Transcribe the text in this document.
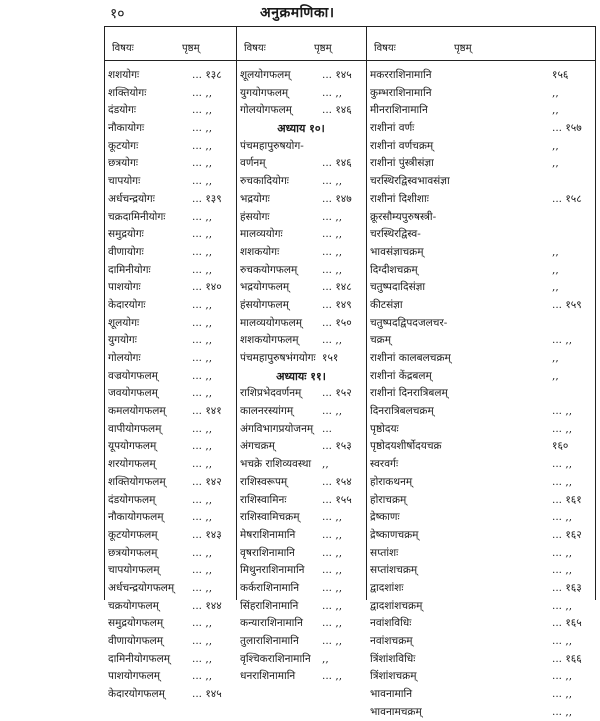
१०	अनुक्रमणिका।
विषयः	पृष्ठम्
शशयोगः	... १३८
शक्तियोगः	... ,,
दंडयोगः	... ,,
नौकायोगः	... ,,
कूटयोगः	... ,,
छत्रयोगः	... ,,
चापयोगः	... ,,
अर्धचन्द्रयोगः	... १३९
चक्रदामिनीयोगः	... ,,
समुद्रयोगः	... ,,
वीणायोगः	... ,,
दामिनीयोगः	... ,,
पाशयोगः	... १४०
केदारयोगः	... ,,
शूलयोगः	... ,,
युगयोगः	... ,,
गोलयोगः	... ,,
वज्रयोगफलम्	... ,,
जवयोगफलम्	... ,,
कमलयोगफलम्	... १४१
वापीयोगफलम्	... ,,
यूपयोगफलम्	... ,,
शरयोगफलम्	... ,,
शक्तियोगफलम्	... १४२
दंडयोगफलम्	... ,,
नौकायोगफलम्	... ,,
कूटयोगफलम्	... १४३
छत्रयोगफलम्	... ,,
चापयोगफलम्	... ,,
अर्धचन्द्रयोगफलम् ... ,,
चक्रयोगफलम्	... १४४
समुद्रयोगफलम्	... ,,
वीणायोगफलम्	... ,,
दामिनीयोगफलम् ... ,,
पाशयोगफलम्	... ,,
केदारयोगफलम्	... १४५
विषयः	पृष्ठम्
शूलयोगफलम्	... १४५
युगयोगफलम्	... ,,
गोलयोगफलम्	... १४६
अध्याय १०।
पंचमहापुरुषयोग-
वर्णनम्	... १४६
रुचकादियोगः	... ,,
भद्रयोगः	... १४७
हंसयोगः	... ,,
मालव्ययोगः	... ,,
शशकयोगः	... ,,
रुचकयोगफलम् ... ,,
भद्रयोगफलम्	... १४८
हंसयोगफलम्	... १४९
मालव्ययोगफलम् ... १५०
शशकयोगफलम् ... ,,
पंचमहापुरुषभंगयोगः १५१
अध्यायः ११।
राशिप्रभेदवर्णनम् ... १५२
कालनरस्यांगम्	... ,,
अंगविभागप्रयोजनम् ...
अंगचक्रम्	... १५३
भचक्रे राशिव्यवस्था ,,
राशिस्वरूपम्	... १५४
राशिस्वामिनः	... १५५
राशिस्वामिचक्रम् ... ,,
मेषराशिनामानि	... ,,
वृषराशिनामानि	... ,,
मिथुनराशिनामानि ... ,,
कर्कराशिनामानि ... ,,
सिंहराशिनामानि ... ,,
कन्याराशिनामानि ... ,,
तुलाराशिनामानि ... ,,
वृश्चिकराशिनामानि ,,
धनराशिनामानि	... ,,
विषयः	पृष्ठम्
मकरराशिनामानि	१५६
कुम्भराशिनामानि	,,
मीनराशिनामानि	,,
राशीनां वर्णः	... १५७
राशीनां वर्णचक्रम्	,,
राशीनां पुंस्त्रीसंज्ञा	,,
चरस्थिरद्विस्वभावसंज्ञा
राशीनां दिशीशाः	... १५८
क्रूरसौम्यपुरुषस्त्री-
चरस्थिरद्विस्व-
भावसंज्ञाचक्रम्	,,
दिग्दीशचक्रम्	,,
चतुष्पदादिसंज्ञा	,,
कीटसंज्ञा	... १५९
चतुष्पदद्विपदजलचर-
चक्रम्	... ,,
राशीनां कालबलचक्रम्	,,
राशीनां केंद्रबलम्	,,
राशीनां दिनरात्रिबलम्
दिनरात्रिबलचक्रम्	... ,,
पृष्ठोदयः	... ,,
पृष्ठोदयशीर्षोदयचक्र	१६०
स्वरवर्गः	... ,,
होराकथनम्	... ,,
होराचक्रम्	... १६१
द्रेष्काणः	... ,,
द्रेष्काणचक्रम्	... १६२
सप्तांशः	... ,,
सप्तांशचक्रम्	... ,,
द्वादशांशः	... १६३
द्वादशांशचक्रम्	... ,,
नवांशविधिः	... १६५
नवांशचक्रम्	... ,,
त्रिंशांशविधिः	... १६६
त्रिंशांशचक्रम्	... ,,
भावनामानि	... ,,
भावनामचक्रम्	... ,,
